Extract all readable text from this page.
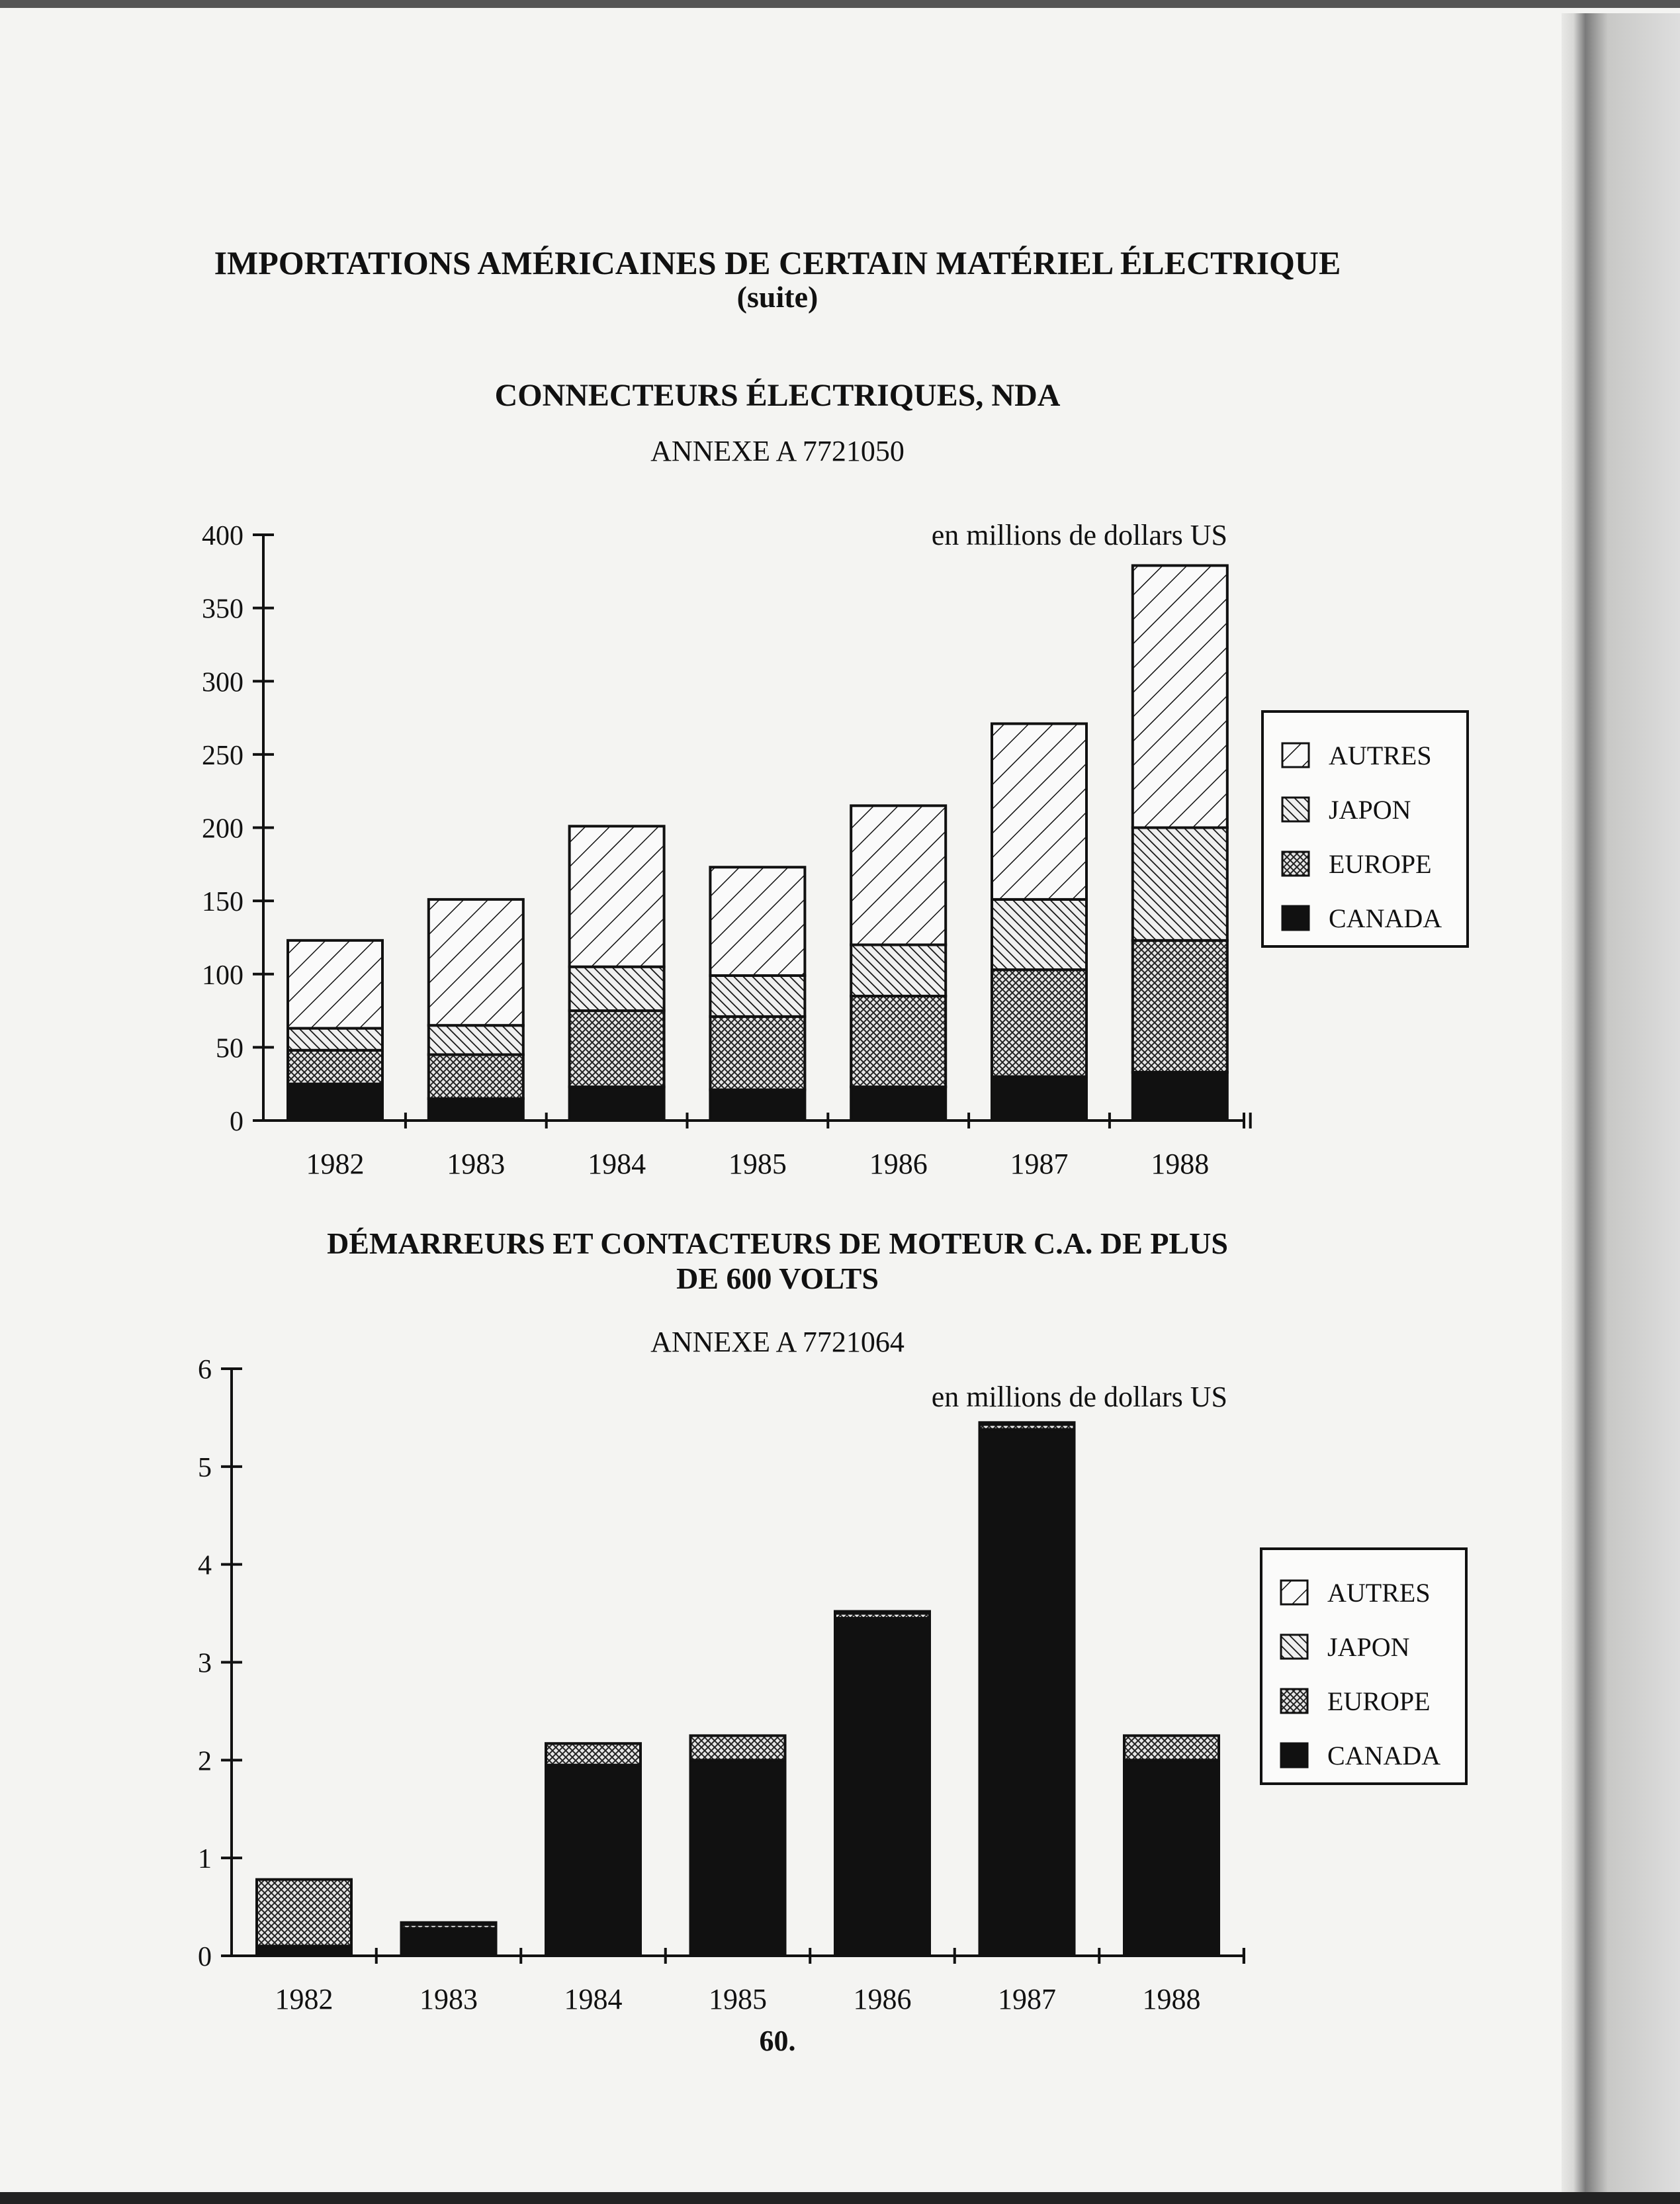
IMPORTATIONS AMÉRICAINES DE CERTAIN MATÉRIEL ÉLECTRIQUE
(suite)
CONNECTEURS ÉLECTRIQUES, NDA
ANNEXE A 7721050
DÉMARREURS ET CONTACTEURS DE MOTEUR C.A. DE PLUS
DE 600 VOLTS
ANNEXE A 7721064
60.
1982	1983	1984	1985	1986	1987	1988
0
50
100
150
200
250
300
350
400	en millions de dollars US
AUTRES
JAPON
EUROPE
CANADA
1982	1983	1984	1985	1986	1987	1988
0
1
2
3
4
5
6
en millions de dollars US
AUTRES
JAPON
EUROPE
CANADA
